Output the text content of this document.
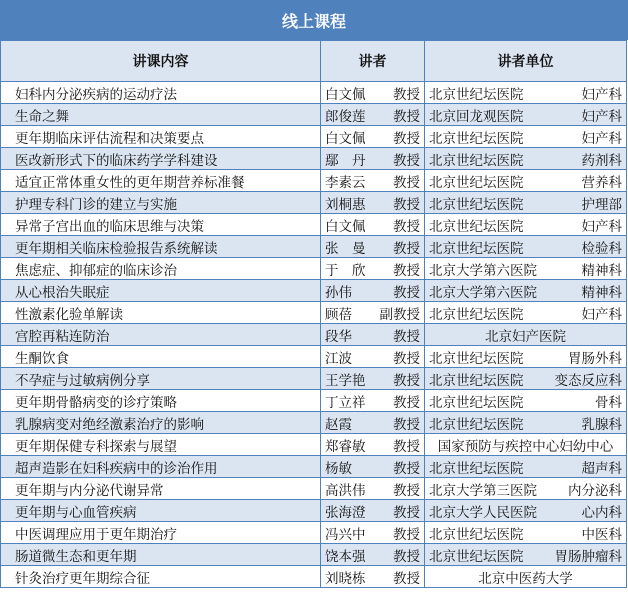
线上课程
讲课内容	讲者	讲者单位
妇科内分泌疾病的运动疗法	白文佩 教授	北京世纪坛医院 妇产科

生命之舞	郎俊莲 教授	北京回龙观医院 妇产科

更年期临床评估流程和决策要点	白文佩 教授	北京世纪坛医院 妇产科

医改新形式下的临床药学学科建设	鄢　丹 教授	北京世纪坛医院 药剂科

适宜正常体重女性的更年期营养标准餐	李素云 教授	北京世纪坛医院 营养科

护理专科门诊的建立与实施	刘桐惠 教授	北京世纪坛医院 护理部

异常子宫出血的临床思维与决策	白文佩 教授	北京世纪坛医院 妇产科

更年期相关临床检验报告系统解读	张　曼 教授	北京世纪坛医院 检验科

焦虑症、抑郁症的临床诊治	于　欣 教授	北京大学第六医院 精神科

从心根治失眠症	孙伟 教授	北京大学第六医院 精神科

性激素化验单解读	顾蓓 副教授	北京世纪坛医院 妇产科

宫腔再粘连防治	段华 教授	北京妇产医院

生酮饮食	江波 教授	北京世纪坛医院 胃肠外科

不孕症与过敏病例分享	王学艳 教授	北京世纪坛医院 变态反应科

更年期骨骼病变的诊疗策略	丁立祥 教授	北京世纪坛医院 骨科

乳腺病变对绝经激素治疗的影响	赵霞 教授	北京世纪坛医院 乳腺科

更年期保健专科探索与展望	郑睿敏 教授	国家预防与疾控中心妇幼中心

超声造影在妇科疾病中的诊治作用	杨敏 教授	北京世纪坛医院 超声科

更年期与内分泌代谢异常	高洪伟 教授	北京大学第三医院 内分泌科

更年期与心血管疾病	张海澄 教授	北京大学人民医院 心内科

中医调理应用于更年期治疗	冯兴中 教授	北京世纪坛医院 中医科

肠道微生态和更年期	饶本强 教授	北京世纪坛医院 胃肠肿瘤科

针灸治疗更年期综合征	刘晓栋 教授	北京中医药大学
